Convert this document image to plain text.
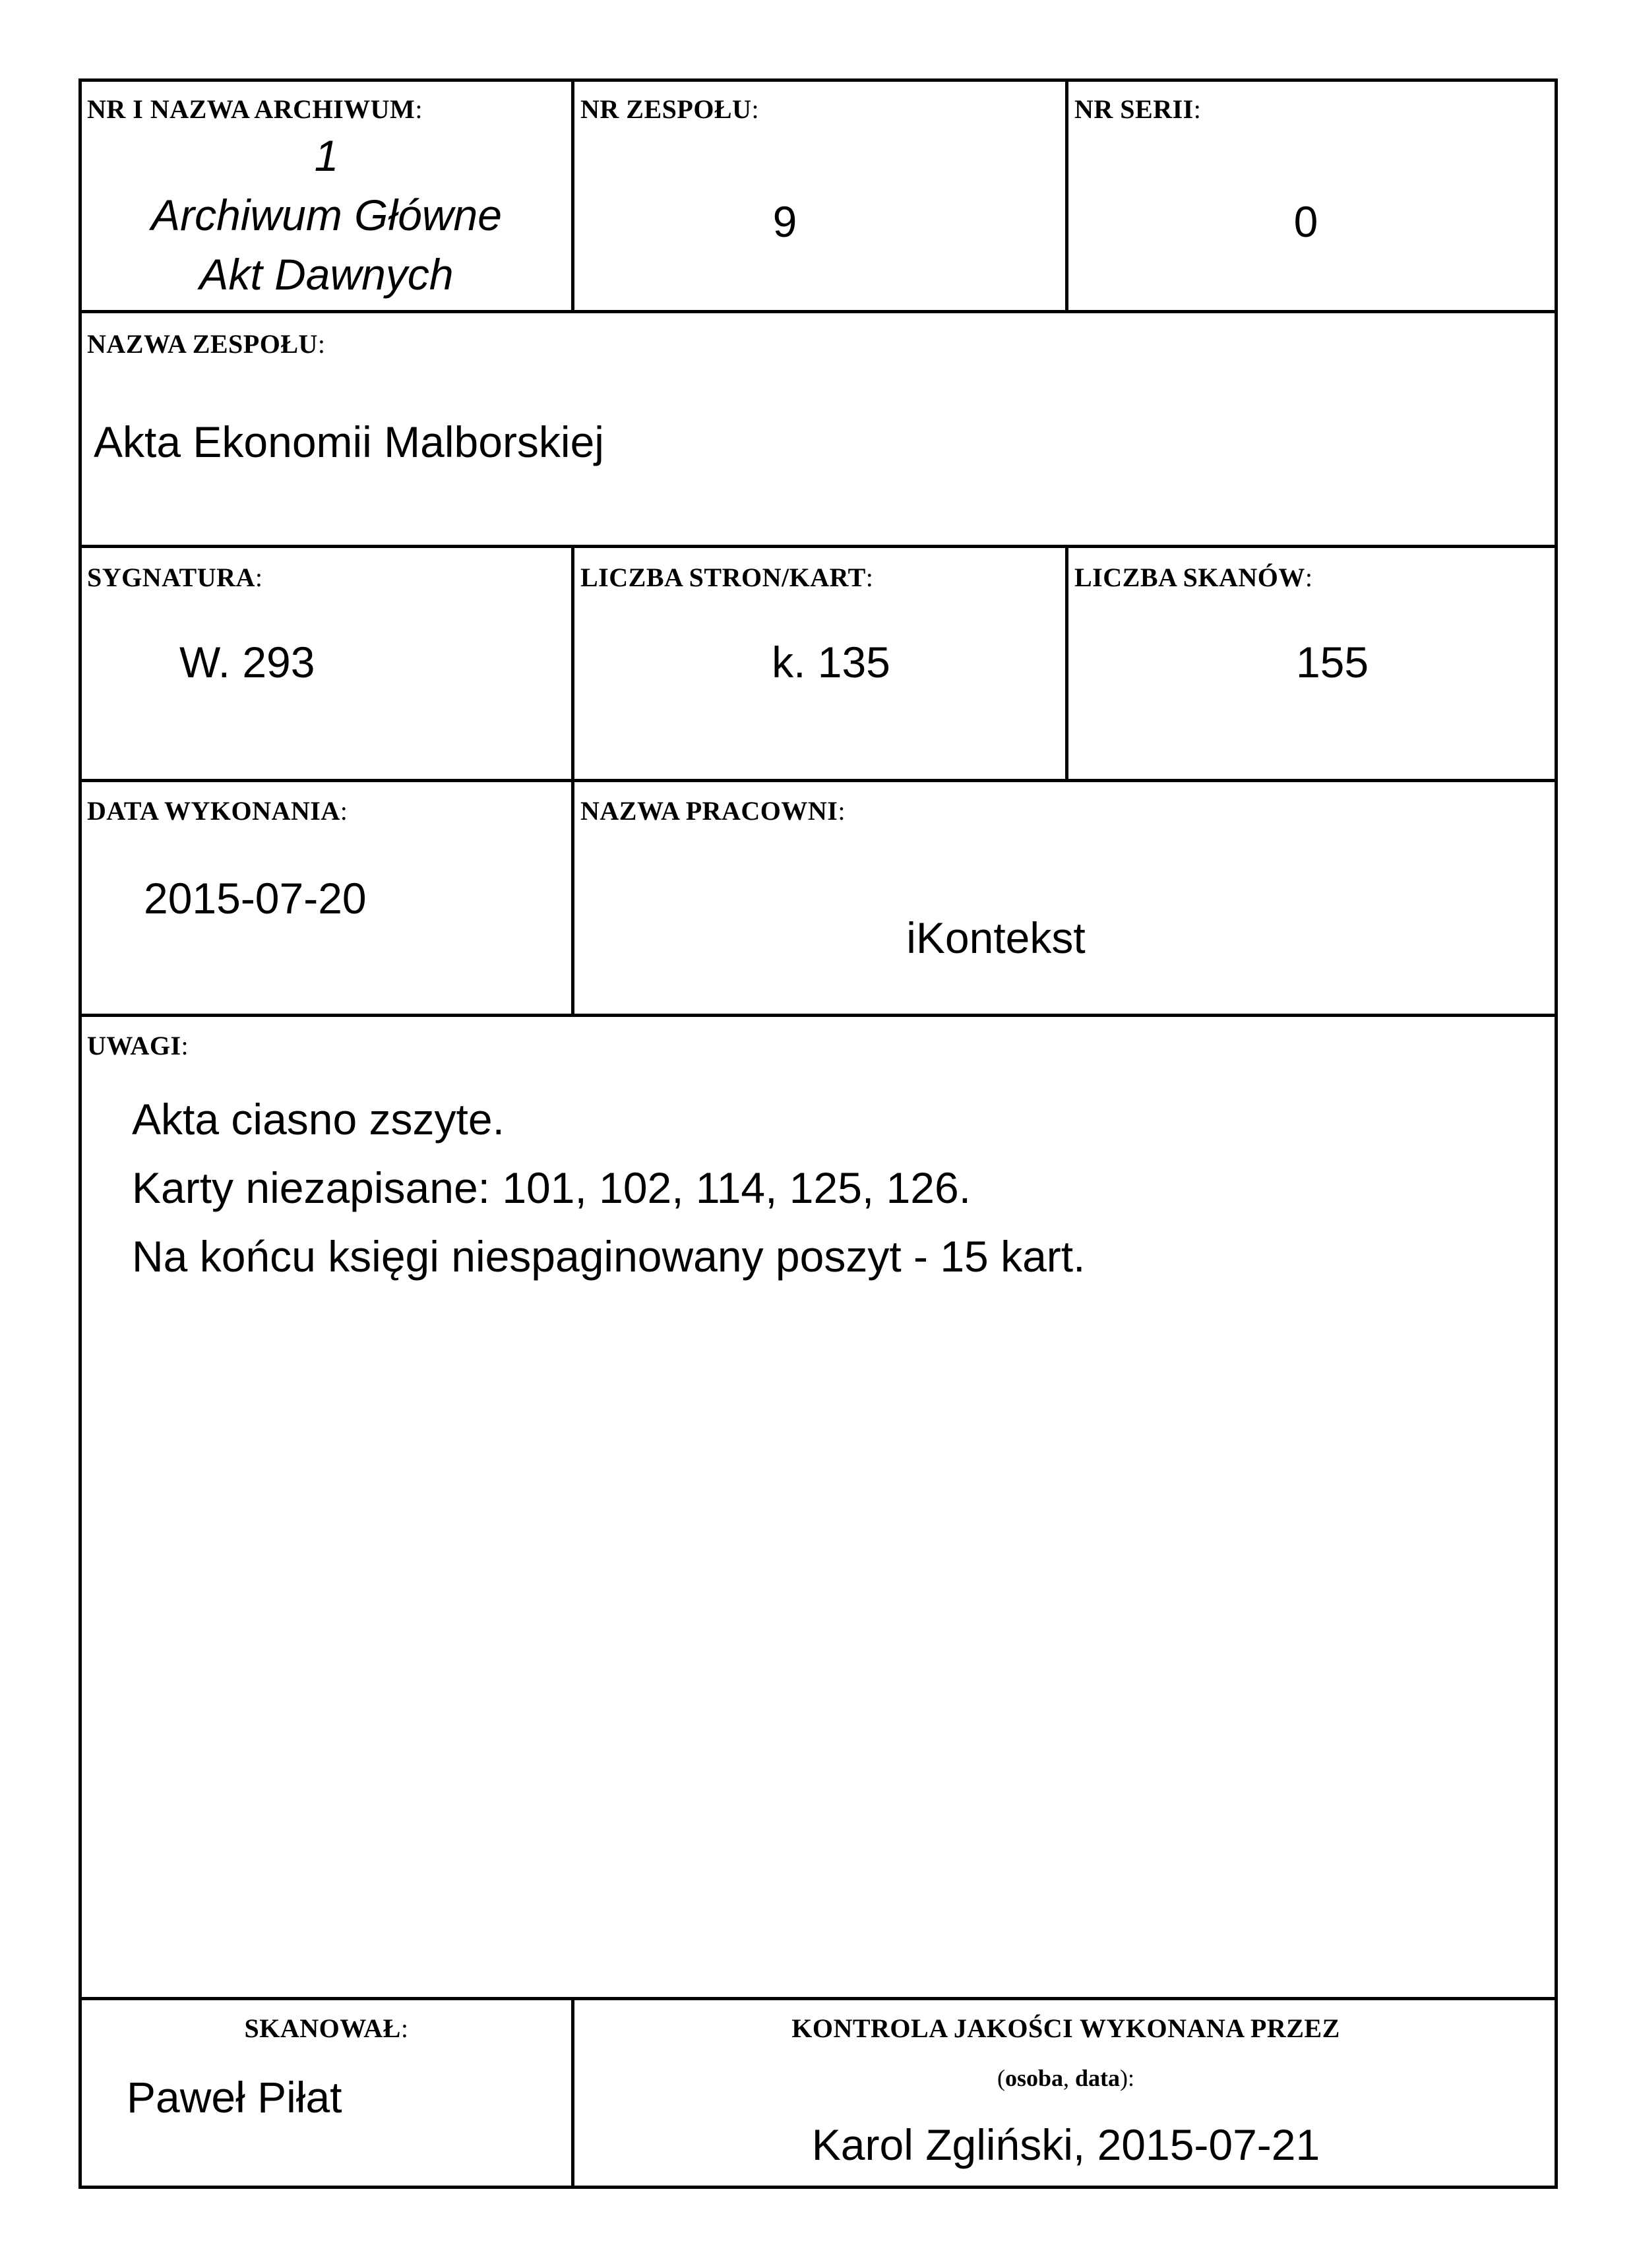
NR I NAZWA ARCHIWUM:
1
Archiwum Główne
Akt Dawnych
NR ZESPOŁU:
9
NR SERII:
0
NAZWA ZESPOŁU:
Akta Ekonomii Malborskiej
SYGNATURA:
W. 293
LICZBA STRON/KART:
k. 135
LICZBA SKANÓW:
155
DATA WYKONANIA:
2015-07-20
NAZWA PRACOWNI:
iKontekst
UWAGI:
Akta ciasno zszyte.
Karty niezapisane: 101, 102, 114, 125, 126.
Na końcu księgi niespaginowany poszyt - 15 kart.
SKANOWAŁ:
Paweł Piłat
KONTROLA JAKOŚCI WYKONANA PRZEZ
(osoba, data):
Karol Zgliński, 2015-07-21
